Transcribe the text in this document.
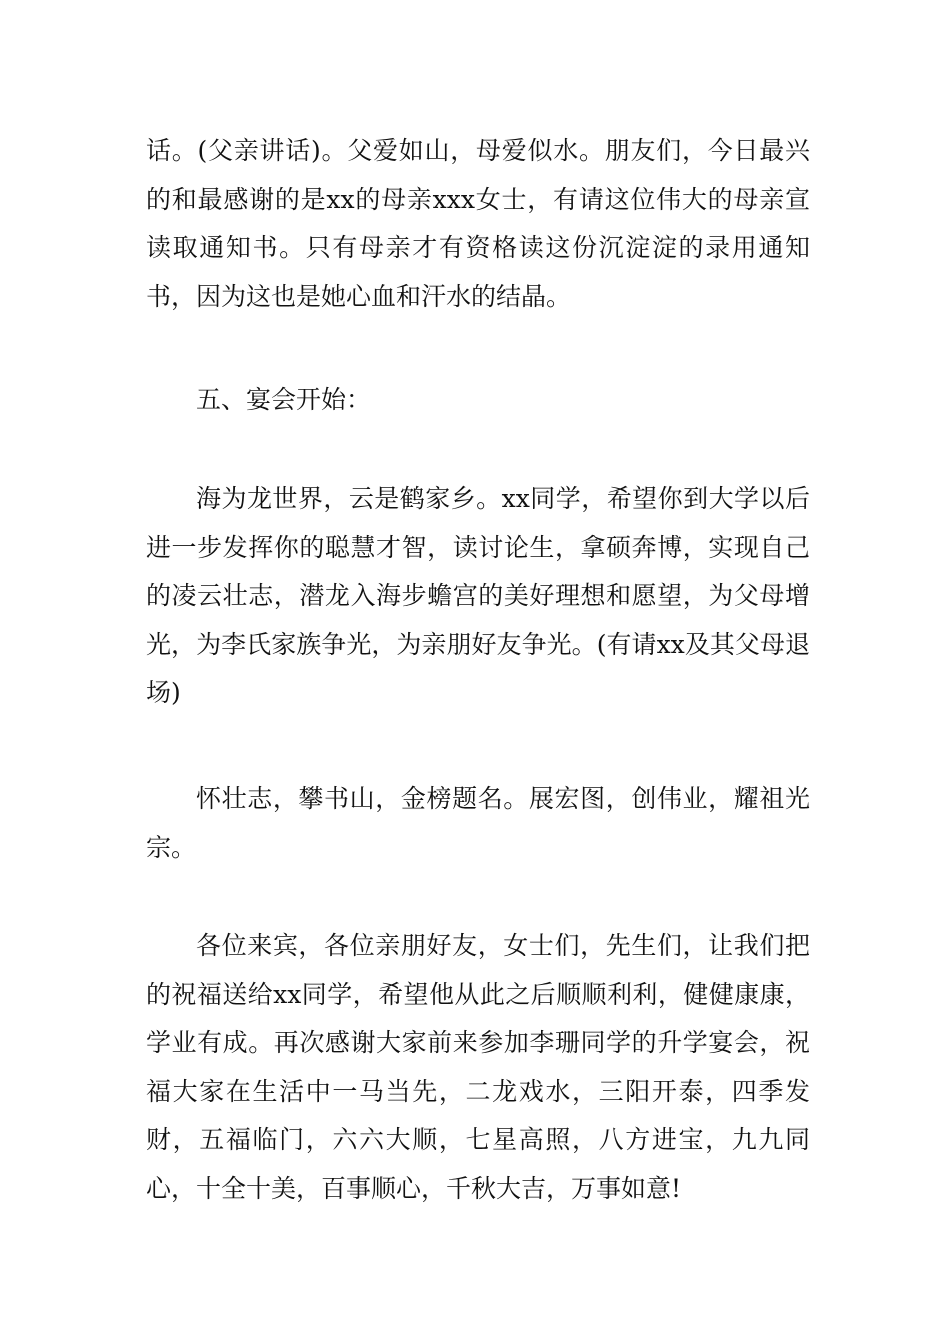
话。(父亲讲话)。父爱如山，母爱似水。朋友们，今日最兴的和最感谢的是xx的母亲xxx女士，有请这位伟大的母亲宣读取通知书。只有母亲才有资格读这份沉淀淀的录用通知书，因为这也是她心血和汗水的结晶。

五、宴会开始：

海为龙世界，云是鹤家乡。xx同学，希望你到大学以后进一步发挥你的聪慧才智，读讨论生，拿硕奔博，实现自己的凌云壮志，潜龙入海步蟾宫的美好理想和愿望，为父母增光，为李氏家族争光，为亲朋好友争光。(有请xx及其父母退场)

怀壮志，攀书山，金榜题名。展宏图，创伟业，耀祖光宗。

各位来宾，各位亲朋好友，女士们，先生们，让我们把的祝福送给xx同学，希望他从此之后顺顺利利，健健康康，学业有成。再次感谢大家前来参加李珊同学的升学宴会，祝福大家在生活中一马当先，二龙戏水，三阳开泰，四季发财，五福临门，六六大顺，七星高照，八方进宝，九九同心，十全十美，百事顺心，千秋大吉，万事如意!
